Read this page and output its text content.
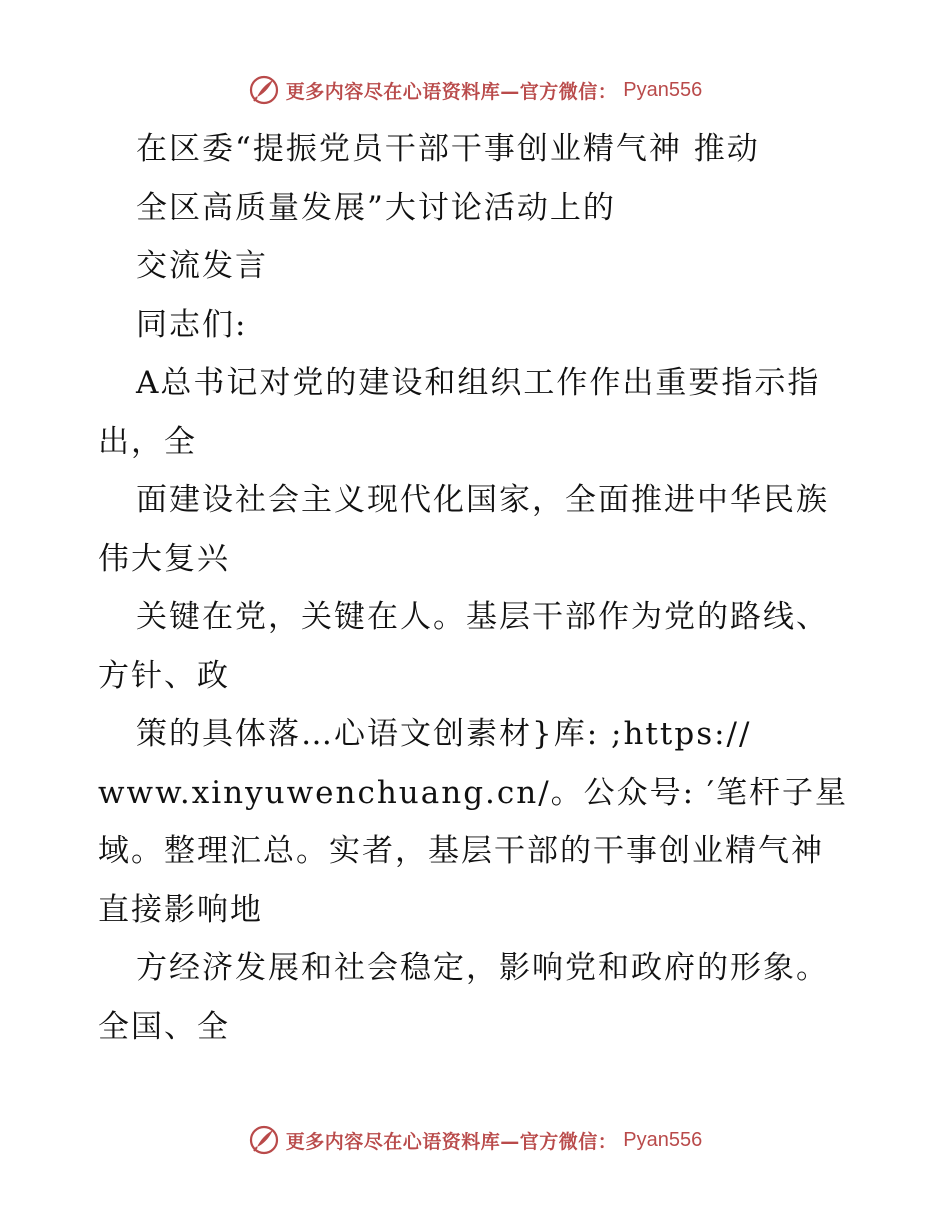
更多内容尽在心语资料库—官方微信： Pyan556
在区委“提振党员干部干事创业精气神 推动
全区高质量发展”大讨论活动上的
交流发言
同志们:
A总书记对党的建设和组织工作作出重要指示指
出，全
面建设社会主义现代化国家，全面推进中华民族
伟大复兴
关键在党，关键在人。基层干部作为党的路线、
方针、政
策的具体落…心语文创素材}库: ;https://
www.xinyuwenchuang.cn/。公众号: ′笔杆子星
域。整理汇总。实者，基层干部的干事创业精气神
直接影响地
方经济发展和社会稳定，影响党和政府的形象。
全国、全
更多内容尽在心语资料库—官方微信： Pyan556
